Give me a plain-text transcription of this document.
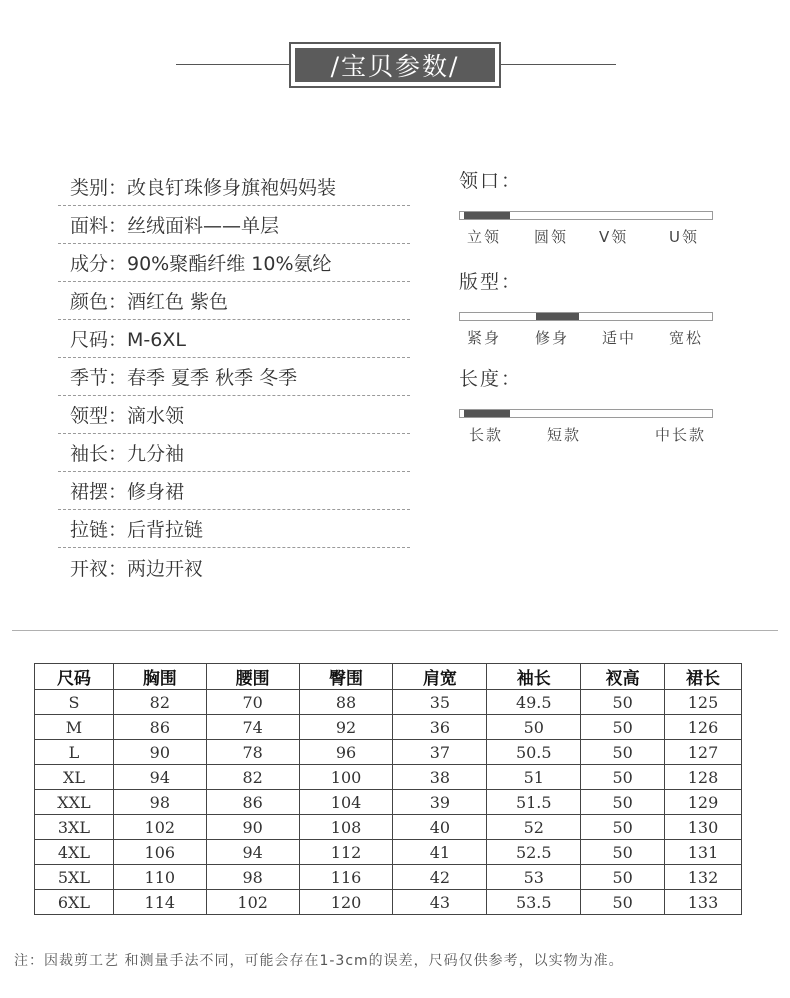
/宝贝参数/
类别：改良钉珠修身旗袍妈妈装
面料：丝绒面料——单层
成分：90%聚酯纤维 10%氨纶
颜色：酒红色 紫色
尺码：M-6XL
季节：春季 夏季 秋季 冬季
领型：滴水领
袖长：九分袖
裙摆：修身裙
拉链：后背拉链
开衩：两边开衩
领口：
立领 圆领 V领	U领
版型：
紧身 修身 适中 宽松
长度：
长款	短款	中长款
尺码	胸围	腰围	臀围	肩宽	袖长	衩高	裙长
S	82	70	88	35	49.5	50	125
M	86	74	92	36	50	50	126
L	90	78	96	37	50.5	50	127
XL	94	82	100	38	51	50	128
XXL	98	86	104	39	51.5	50	129
3XL	102	90	108	40	52	50	130
4XL	106	94	112	41	52.5	50	131
5XL	110	98	116	42	53	50	132
6XL	114	102	120	43	53.5	50	133
注：因裁剪工艺 和测量手法不同，可能会存在1-3cm的误差，尺码仅供参考，以实物为准。
